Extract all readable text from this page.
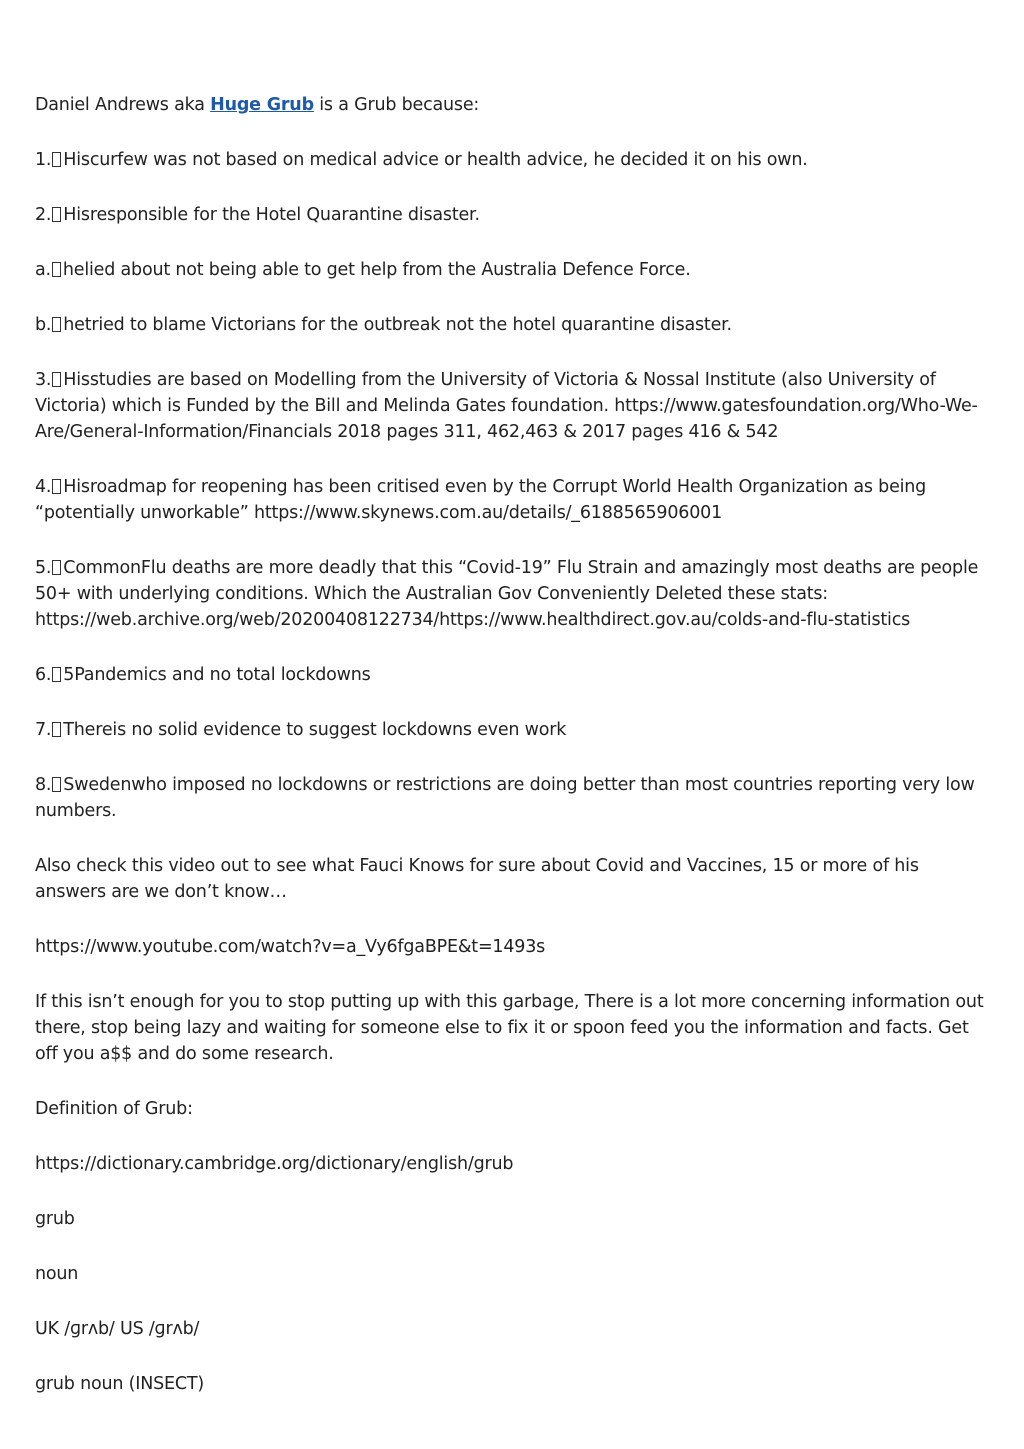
Daniel Andrews aka Huge Grub is a Grub because:

1. Hiscurfew was not based on medical advice or health advice, he decided it on his own.

2. Hisresponsible for the Hotel Quarantine disaster.

a. helied about not being able to get help from the Australia Defence Force.

b. hetried to blame Victorians for the outbreak not the hotel quarantine disaster.

3. Hisstudies are based on Modelling from the University of Victoria & Nossal Institute (also University of Victoria) which is Funded by the Bill and Melinda Gates foundation. https://www.gatesfoundation.org/Who-We-Are/General-Information/Financials 2018 pages 311, 462,463 & 2017 pages 416 & 542

4. Hisroadmap for reopening has been critised even by the Corrupt World Health Organization as being “potentially unworkable” https://www.skynews.com.au/details/_6188565906001

5. CommonFlu deaths are more deadly that this “Covid-19” Flu Strain and amazingly most deaths are people 50+ with underlying conditions. Which the Australian Gov Conveniently Deleted these stats: https://web.archive.org/web/20200408122734/https://www.healthdirect.gov.au/colds-and-flu-statistics

6. 5Pandemics and no total lockdowns

7. Thereis no solid evidence to suggest lockdowns even work

8. Swedenwho imposed no lockdowns or restrictions are doing better than most countries reporting very low numbers.

Also check this video out to see what Fauci Knows for sure about Covid and Vaccines, 15 or more of his answers are we don’t know…

https://www.youtube.com/watch?v=a_Vy6fgaBPE&t=1493s

If this isn’t enough for you to stop putting up with this garbage, There is a lot more concerning information out there, stop being lazy and waiting for someone else to fix it or spoon feed you the information and facts. Get off you a$$ and do some research.

Definition of Grub:

https://dictionary.cambridge.org/dictionary/english/grub

grub

noun

UK /ɡrʌb/ US /ɡrʌb/

grub noun (INSECT)
